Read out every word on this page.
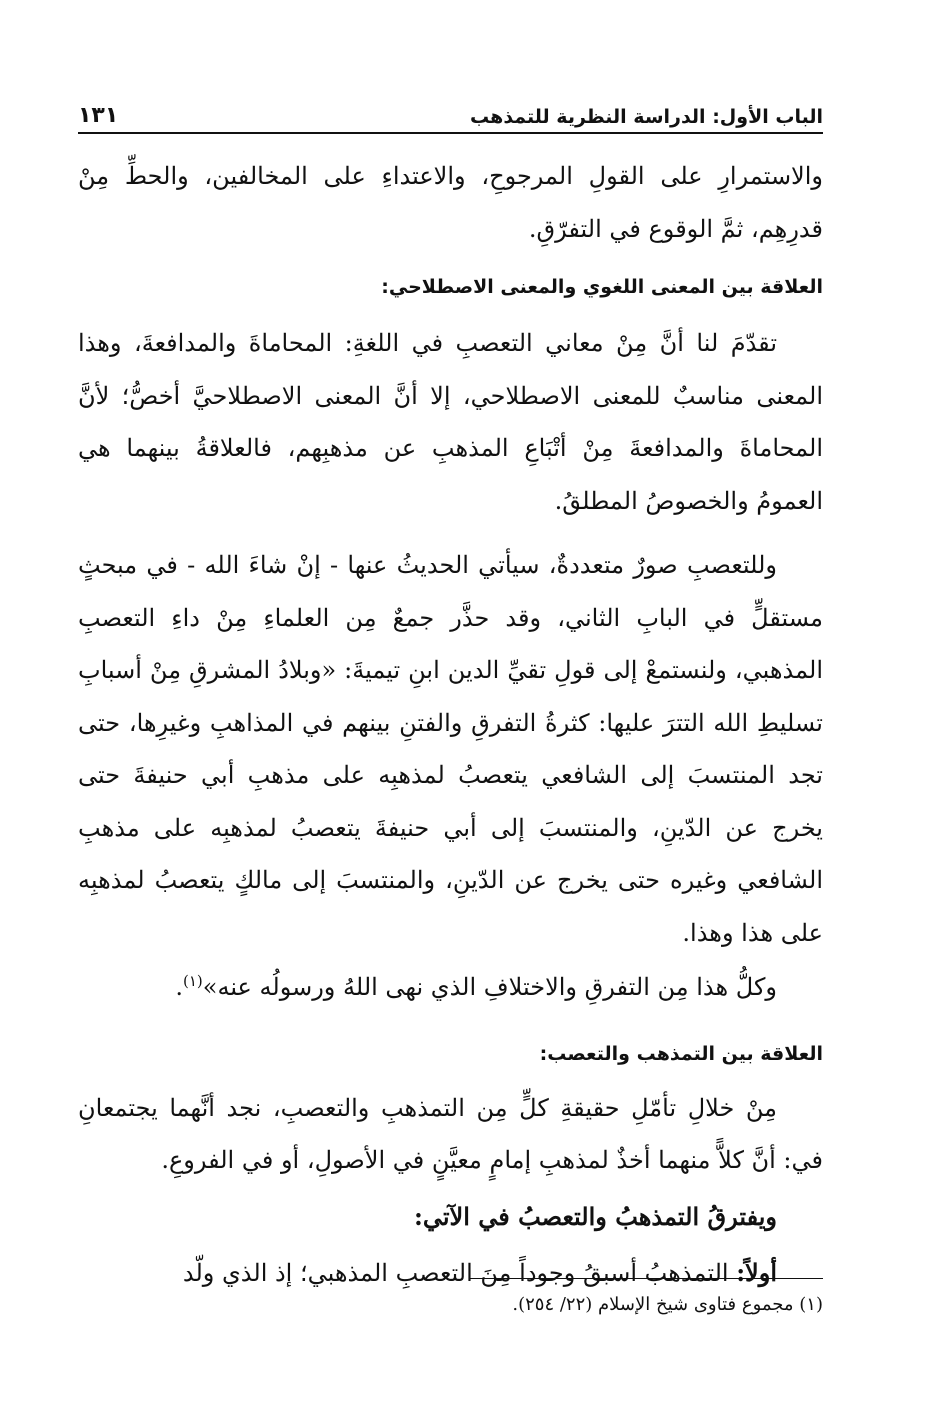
الباب الأول: الدراسة النظرية للتمذهب
١٣١

والاستمرارِ على القولِ المرجوحِ، والاعتداءِ على المخالفين، والحطِّ مِنْ قدرِهِم، ثمَّ الوقوع في التفرّقِ.

العلاقة بين المعنى اللغوي والمعنى الاصطلاحي:

تقدّمَ لنا أنَّ مِنْ معاني التعصبِ في اللغةِ: المحاماةَ والمدافعةَ، وهذا المعنى مناسبٌ للمعنى الاصطلاحي، إلا أنَّ المعنى الاصطلاحيَّ أخصُّ؛ لأنَّ المحاماةَ والمدافعةَ مِنْ أتْبَاعِ المذهبِ عن مذهبِهم، فالعلاقةُ بينهما هي العمومُ والخصوصُ المطلقُ.

وللتعصبِ صورٌ متعددةٌ، سيأتي الحديثُ عنها - إنْ شاءَ الله - في مبحثٍ مستقلٍّ في البابِ الثاني، وقد حذَّر جمعٌ مِن العلماءِ مِنْ داءِ التعصبِ المذهبي، ولنستمعْ إلى قولِ تقيِّ الدين ابنِ تيميةَ: «وبلادُ المشرقِ مِنْ أسبابِ تسليطِ الله التترَ عليها: كثرةُ التفرقِ والفتنِ بينهم في المذاهبِ وغيرِها، حتى تجد المنتسبَ إلى الشافعي يتعصبُ لمذهبِه على مذهبِ أبي حنيفةَ حتى يخرج عن الدّينِ، والمنتسبَ إلى أبي حنيفةَ يتعصبُ لمذهبِه على مذهبِ الشافعي وغيره حتى يخرج عن الدّينِ، والمنتسبَ إلى مالكٍ يتعصبُ لمذهبِه على هذا وهذا.

وكلُّ هذا مِن التفرقِ والاختلافِ الذي نهى اللهُ ورسولُه عنه»$^{(١)}$.

العلاقة بين التمذهب والتعصب:

مِنْ خلالِ تأمّلِ حقيقةِ كلٍّ مِن التمذهبِ والتعصبِ، نجد أنَّهما يجتمعانِ في: أنَّ كلاًّ منهما أخذٌ لمذهبِ إمامٍ معيَّنٍ في الأصولِ، أو في الفروعِ.

ويفترقُ التمذهبُ والتعصبُ في الآتي:

أولاً: التمذهبُ أسبقُ وجوداً مِنَ التعصبِ المذهبي؛ إذ الذي ولّد

(١) مجموع فتاوى شيخ الإسلام (٢٢/ ٢٥٤).
